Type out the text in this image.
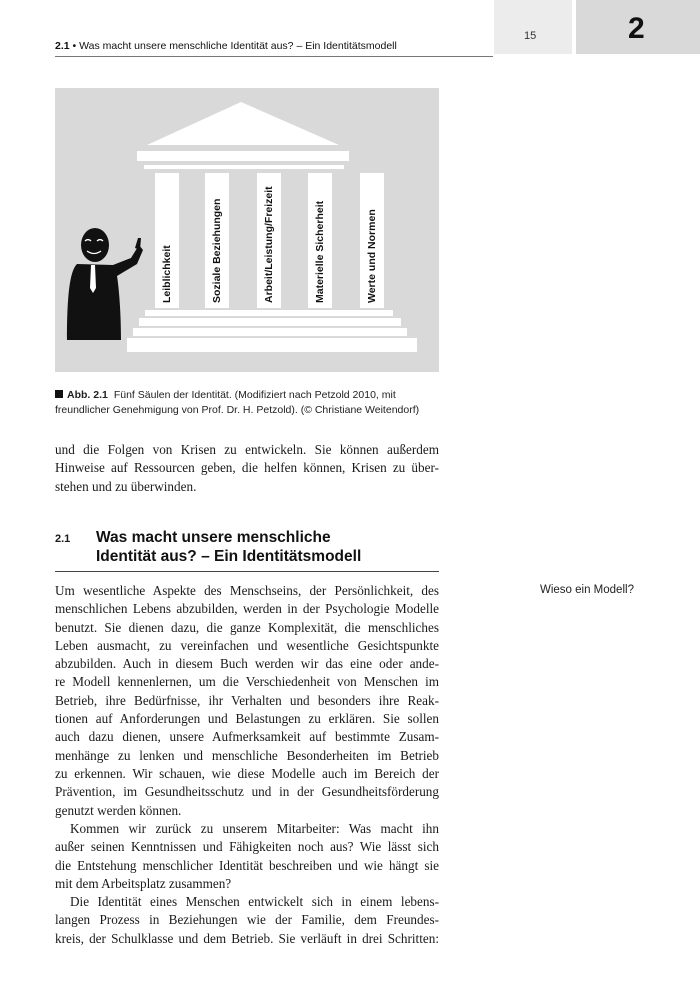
15	2
2.1 • Was macht unsere menschliche Identität aus? – Ein Identitätsmodell
Leiblichkeit	Soziale Beziehungen	Arbeit/Leistung/Freizeit	Materielle Sicherheit	Werte und Normen
Abb. 2.1 Fünf Säulen der Identität. (Modifiziert nach Petzold 2010, mit
freundlicher Genehmigung von Prof. Dr. H. Petzold). (© Christiane Weitendorf)
und die Folgen von Krisen zu entwickeln. Sie können außerdem
Hinweise auf Ressourcen geben, die helfen können, Krisen zu über-
stehen und zu überwinden.
2.1 Was macht unsere menschliche
Identität aus? – Ein Identitätsmodell
Wieso ein Modell?
Um wesentliche Aspekte des Menschseins, der Persönlichkeit, des
menschlichen Lebens abzubilden, werden in der Psychologie Modelle
benutzt. Sie dienen dazu, die ganze Komplexität, die menschliches
Leben ausmacht, zu vereinfachen und wesentliche Gesichtspunkte
abzubilden. Auch in diesem Buch werden wir das eine oder ande-
re Modell kennenlernen, um die Verschiedenheit von Menschen im
Betrieb, ihre Bedürfnisse, ihr Verhalten und besonders ihre Reak-
tionen auf Anforderungen und Belastungen zu erklären. Sie sollen
auch dazu dienen, unsere Aufmerksamkeit auf bestimmte Zusam-
menhänge zu lenken und menschliche Besonderheiten im Betrieb
zu erkennen. Wir schauen, wie diese Modelle auch im Bereich der
Prävention, im Gesundheitsschutz und in der Gesundheitsförderung
genutzt werden können.
Kommen wir zurück zu unserem Mitarbeiter: Was macht ihn
außer seinen Kenntnissen und Fähigkeiten noch aus? Wie lässt sich
die Entstehung menschlicher Identität beschreiben und wie hängt sie
mit dem Arbeitsplatz zusammen?
Die Identität eines Menschen entwickelt sich in einem lebens-
langen Prozess in Beziehungen wie der Familie, dem Freundes-
kreis, der Schulklasse und dem Betrieb. Sie verläuft in drei Schritten:
